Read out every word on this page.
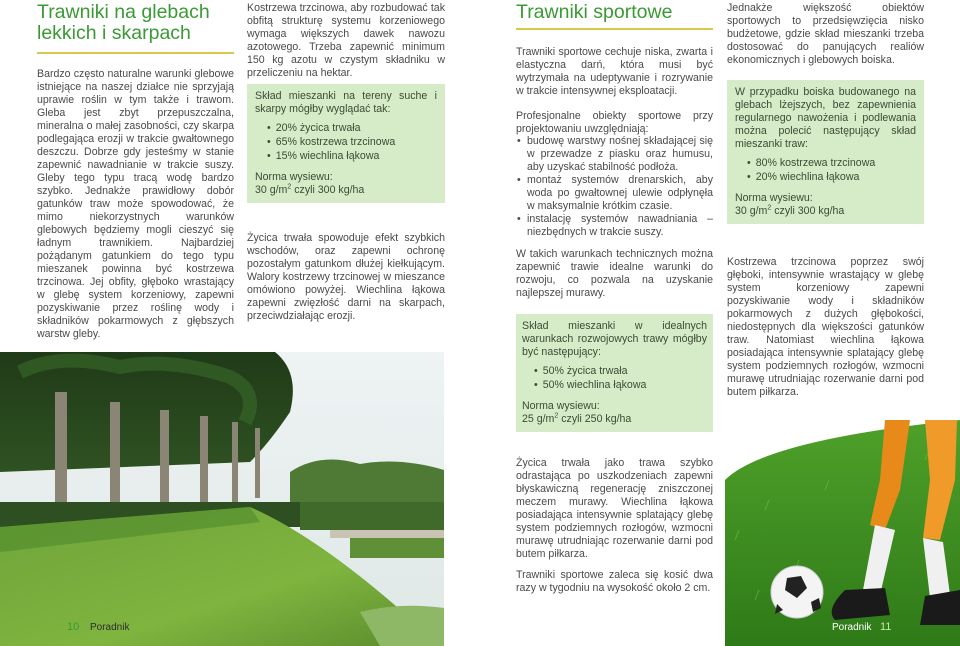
Trawniki na glebach
lekkich i skarpach

Bardzo często naturalne warunki glebowe istniejące na naszej działce nie sprzyjają uprawie roślin w tym także i trawom. Gleba jest zbyt przepuszczalna, mineralna o małej zasobności, czy skarpa podlegająca erozji w trakcie gwałtownego deszczu. Dobrze gdy jesteśmy w stanie zapewnić nawadnianie w trakcie suszy. Gleby tego typu tracą wodę bardzo szybko. Jednakże prawidłowy dobór gatunków traw może spowodować, że mimo niekorzystnych warunków glebowych będziemy mogli cieszyć się ładnym trawnikiem. Najbardziej pożądanym gatunkiem do tego typu mieszanek powinna być kostrzewa trzcinowa. Jej obfity, głęboko wrastający w glebę system korzeniowy, zapewni pozyskiwanie przez roślinę wody i składników pokarmowych z głębszych warstw gleby.

Kostrzewa trzcinowa, aby rozbudować tak obfitą strukturę systemu korzeniowego wymaga większych dawek nawozu azotowego. Trzeba zapewnić minimum 150 kg azotu w czystym składniku w przeliczeniu na hektar.

Skład mieszanki na tereny suche i skarpy mógłby wyglądać tak:
• 20% życica trwała
• 65% kostrzewa trzcinowa
• 15% wiechlina łąkowa
Norma wysiewu:
30 $g/m^2$ czyli 300 kg/ha

Życica trwała spowoduje efekt szybkich wschodów, oraz zapewni ochronę pozostałym gatunkom dłużej kiełkującym. Walory kostrzewy trzcinowej w mieszance omówiono powyżej. Wiechlina łąkowa zapewni zwięzłość darni na skarpach, przeciwdziałając erozji.

10 Poradnik
Trawniki sportowe

Trawniki sportowe cechuje niska, zwarta i elastyczna darń, która musi być wytrzymała na udeptywanie i rozrywanie w trakcie intensywnej eksploatacji.

Profesjonalne obiekty sportowe przy projektowaniu uwzględniają:

• budowę warstwy nośnej składającej się w przewadze z piasku oraz humusu, aby uzyskać stabilność podłoża.
• montaż systemów drenarskich, aby woda po gwałtownej ulewie odpłynęła w maksymalnie krótkim czasie.
• instalację systemów nawadniania – niezbędnych w trakcie suszy.

W takich warunkach technicznych można zapewnić trawie idealne warunki do rozwoju, co pozwala na uzyskanie najlepszej murawy.

Skład mieszanki w idealnych warunkach rozwojowych trawy mógłby być następujący:
• 50% życica trwała
• 50% wiechlina łąkowa
Norma wysiewu:
25 $g/m^2$ czyli 250 kg/ha

Życica trwała jako trawa szybko odrastająca po uszkodzeniach zapewni błyskawiczną regenerację zniszczonej meczem murawy. Wiechlina łąkowa posiadająca intensywnie splatający glebę system podziemnych rozłogów, wzmocni murawę utrudniając rozerwanie darni pod butem piłkarza.

Trawniki sportowe zaleca się kosić dwa razy w tygodniu na wysokość około 2 cm.

Jednakże większość obiektów sportowych to przedsięwzięcia nisko budżetowe, gdzie skład mieszanki trzeba dostosować do panujących realiów ekonomicznych i glebowych boiska.

W przypadku boiska budowanego na glebach lżejszych, bez zapewnienia regularnego nawożenia i podlewania można polecić następujący skład mieszanki traw:
• 80% kostrzewa trzcinowa
• 20% wiechlina łąkowa
Norma wysiewu:
30 $g/m^2$ czyli 300 kg/ha

Kostrzewa trzcinowa poprzez swój głęboki, intensywnie wrastający w glebę system korzeniowy zapewni pozyskiwanie wody i składników pokarmowych z dużych głębokości, niedostępnych dla większości gatunków traw. Natomiast wiechlina łąkowa posiadająca intensywnie splatający glebę system podziemnych rozłogów, wzmocni murawę utrudniając rozerwanie darni pod butem piłkarza.

Poradnik 11
